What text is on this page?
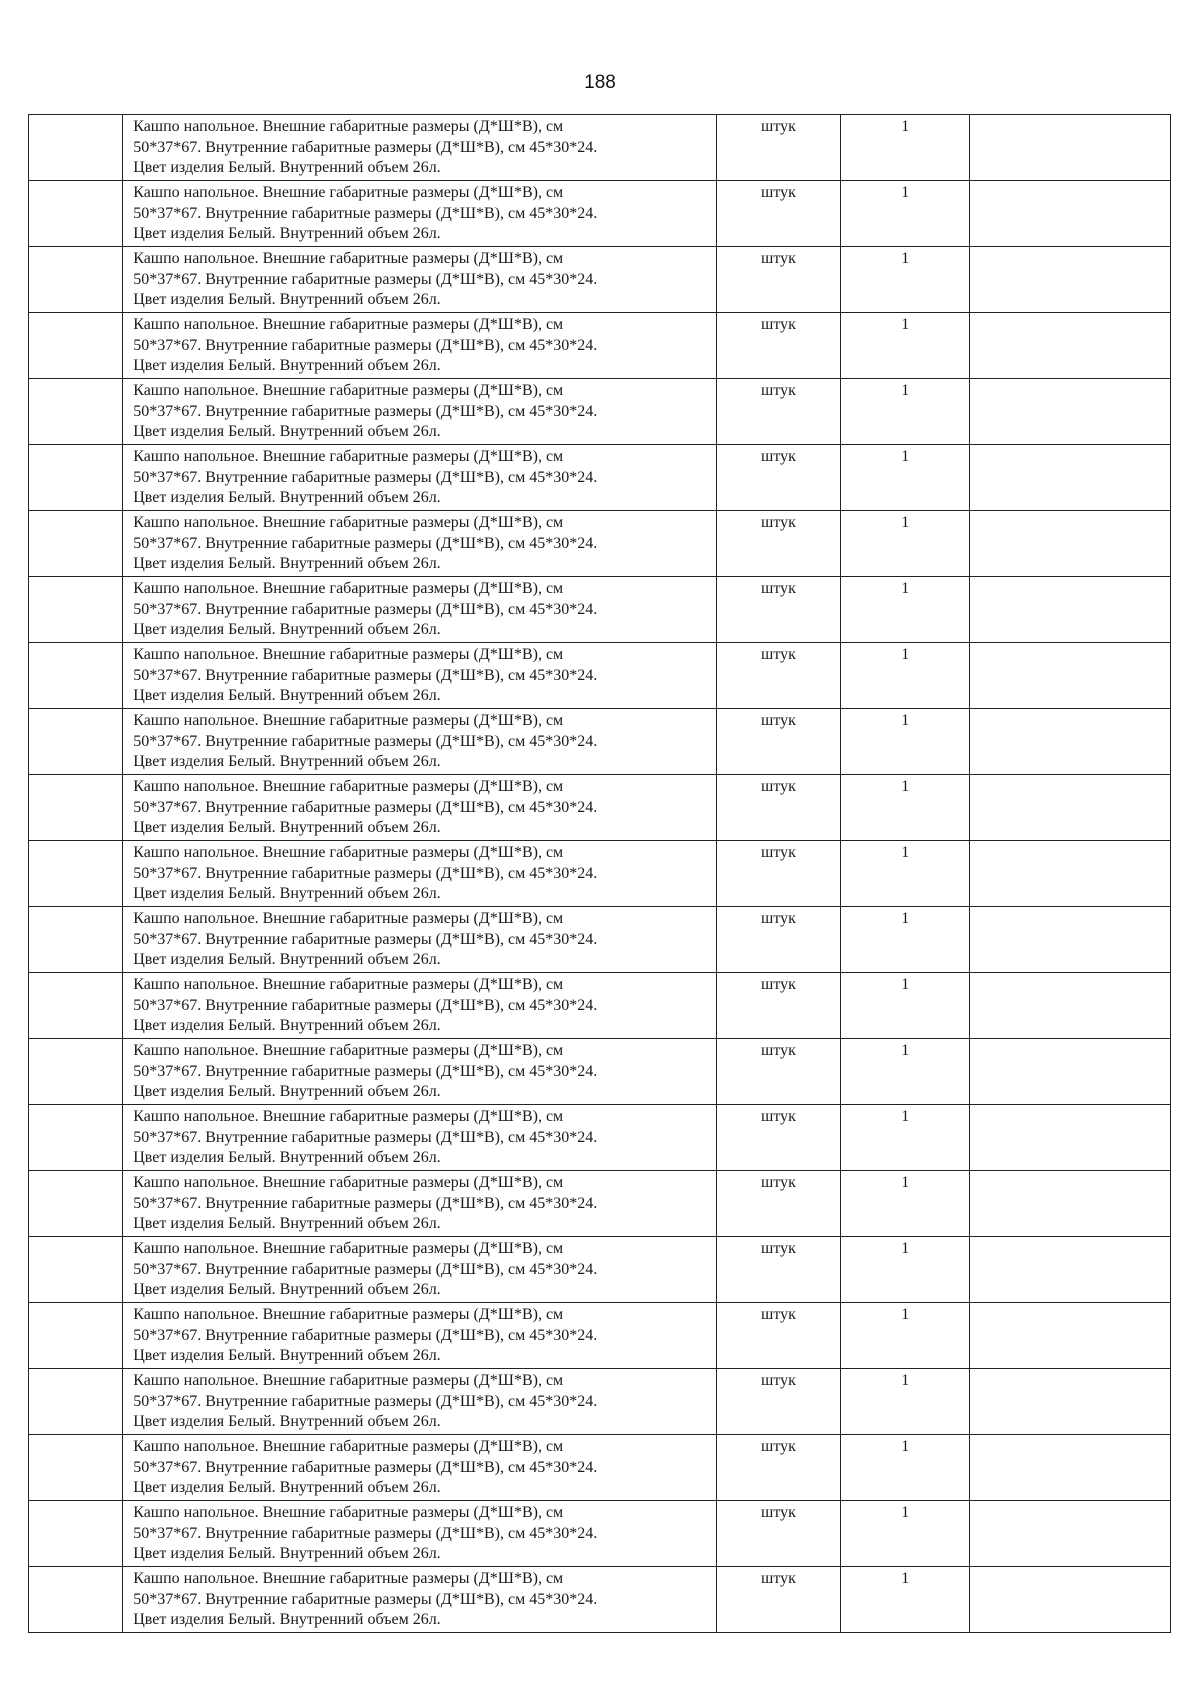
188

	Кашпо напольное. Внешние габаритные размеры (Д*Ш*В), см
50*37*67. Внутренние габаритные размеры (Д*Ш*В), см 45*30*24.
Цвет изделия Белый. Внутренний объем 26л.	штук	1	

	Кашпо напольное. Внешние габаритные размеры (Д*Ш*В), см
50*37*67. Внутренние габаритные размеры (Д*Ш*В), см 45*30*24.
Цвет изделия Белый. Внутренний объем 26л.	штук	1	

	Кашпо напольное. Внешние габаритные размеры (Д*Ш*В), см
50*37*67. Внутренние габаритные размеры (Д*Ш*В), см 45*30*24.
Цвет изделия Белый. Внутренний объем 26л.	штук	1	

	Кашпо напольное. Внешние габаритные размеры (Д*Ш*В), см
50*37*67. Внутренние габаритные размеры (Д*Ш*В), см 45*30*24.
Цвет изделия Белый. Внутренний объем 26л.	штук	1	

	Кашпо напольное. Внешние габаритные размеры (Д*Ш*В), см
50*37*67. Внутренние габаритные размеры (Д*Ш*В), см 45*30*24.
Цвет изделия Белый. Внутренний объем 26л.	штук	1	

	Кашпо напольное. Внешние габаритные размеры (Д*Ш*В), см
50*37*67. Внутренние габаритные размеры (Д*Ш*В), см 45*30*24.
Цвет изделия Белый. Внутренний объем 26л.	штук	1	

	Кашпо напольное. Внешние габаритные размеры (Д*Ш*В), см
50*37*67. Внутренние габаритные размеры (Д*Ш*В), см 45*30*24.
Цвет изделия Белый. Внутренний объем 26л.	штук	1	

	Кашпо напольное. Внешние габаритные размеры (Д*Ш*В), см
50*37*67. Внутренние габаритные размеры (Д*Ш*В), см 45*30*24.
Цвет изделия Белый. Внутренний объем 26л.	штук	1	

	Кашпо напольное. Внешние габаритные размеры (Д*Ш*В), см
50*37*67. Внутренние габаритные размеры (Д*Ш*В), см 45*30*24.
Цвет изделия Белый. Внутренний объем 26л.	штук	1	

	Кашпо напольное. Внешние габаритные размеры (Д*Ш*В), см
50*37*67. Внутренние габаритные размеры (Д*Ш*В), см 45*30*24.
Цвет изделия Белый. Внутренний объем 26л.	штук	1	

	Кашпо напольное. Внешние габаритные размеры (Д*Ш*В), см
50*37*67. Внутренние габаритные размеры (Д*Ш*В), см 45*30*24.
Цвет изделия Белый. Внутренний объем 26л.	штук	1	

	Кашпо напольное. Внешние габаритные размеры (Д*Ш*В), см
50*37*67. Внутренние габаритные размеры (Д*Ш*В), см 45*30*24.
Цвет изделия Белый. Внутренний объем 26л.	штук	1	

	Кашпо напольное. Внешние габаритные размеры (Д*Ш*В), см
50*37*67. Внутренние габаритные размеры (Д*Ш*В), см 45*30*24.
Цвет изделия Белый. Внутренний объем 26л.	штук	1	

	Кашпо напольное. Внешние габаритные размеры (Д*Ш*В), см
50*37*67. Внутренние габаритные размеры (Д*Ш*В), см 45*30*24.
Цвет изделия Белый. Внутренний объем 26л.	штук	1	

	Кашпо напольное. Внешние габаритные размеры (Д*Ш*В), см
50*37*67. Внутренние габаритные размеры (Д*Ш*В), см 45*30*24.
Цвет изделия Белый. Внутренний объем 26л.	штук	1	

	Кашпо напольное. Внешние габаритные размеры (Д*Ш*В), см
50*37*67. Внутренние габаритные размеры (Д*Ш*В), см 45*30*24.
Цвет изделия Белый. Внутренний объем 26л.	штук	1	

	Кашпо напольное. Внешние габаритные размеры (Д*Ш*В), см
50*37*67. Внутренние габаритные размеры (Д*Ш*В), см 45*30*24.
Цвет изделия Белый. Внутренний объем 26л.	штук	1	

	Кашпо напольное. Внешние габаритные размеры (Д*Ш*В), см
50*37*67. Внутренние габаритные размеры (Д*Ш*В), см 45*30*24.
Цвет изделия Белый. Внутренний объем 26л.	штук	1	

	Кашпо напольное. Внешние габаритные размеры (Д*Ш*В), см
50*37*67. Внутренние габаритные размеры (Д*Ш*В), см 45*30*24.
Цвет изделия Белый. Внутренний объем 26л.	штук	1	

	Кашпо напольное. Внешние габаритные размеры (Д*Ш*В), см
50*37*67. Внутренние габаритные размеры (Д*Ш*В), см 45*30*24.
Цвет изделия Белый. Внутренний объем 26л.	штук	1	

	Кашпо напольное. Внешние габаритные размеры (Д*Ш*В), см
50*37*67. Внутренние габаритные размеры (Д*Ш*В), см 45*30*24.
Цвет изделия Белый. Внутренний объем 26л.	штук	1	

	Кашпо напольное. Внешние габаритные размеры (Д*Ш*В), см
50*37*67. Внутренние габаритные размеры (Д*Ш*В), см 45*30*24.
Цвет изделия Белый. Внутренний объем 26л.	штук	1	

	Кашпо напольное. Внешние габаритные размеры (Д*Ш*В), см
50*37*67. Внутренние габаритные размеры (Д*Ш*В), см 45*30*24.
Цвет изделия Белый. Внутренний объем 26л.	штук	1	
